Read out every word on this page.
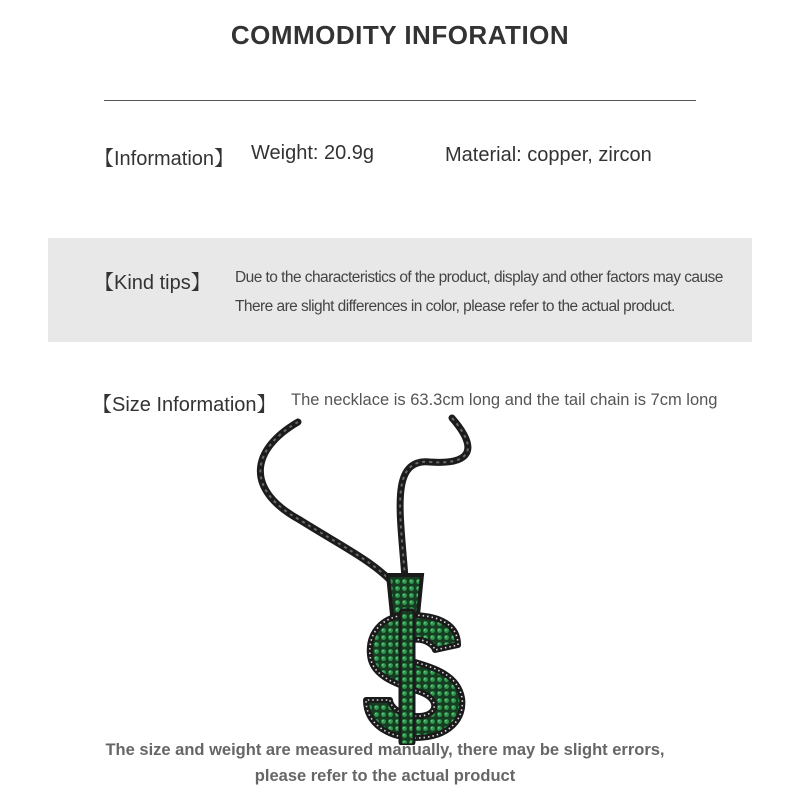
COMMODITY INFORATION
【Information】 Weight: 20.9g	Material: copper, zircon
【Kind tips】 Due to the characteristics of the product, display and other factors may cause
There are slight differences in color, please refer to the actual product.
【Size Information】 The necklace is 63.3cm long and the tail chain is 7cm long
The size and weight are measured manually, there may be slight errors,
please refer to the actual product
